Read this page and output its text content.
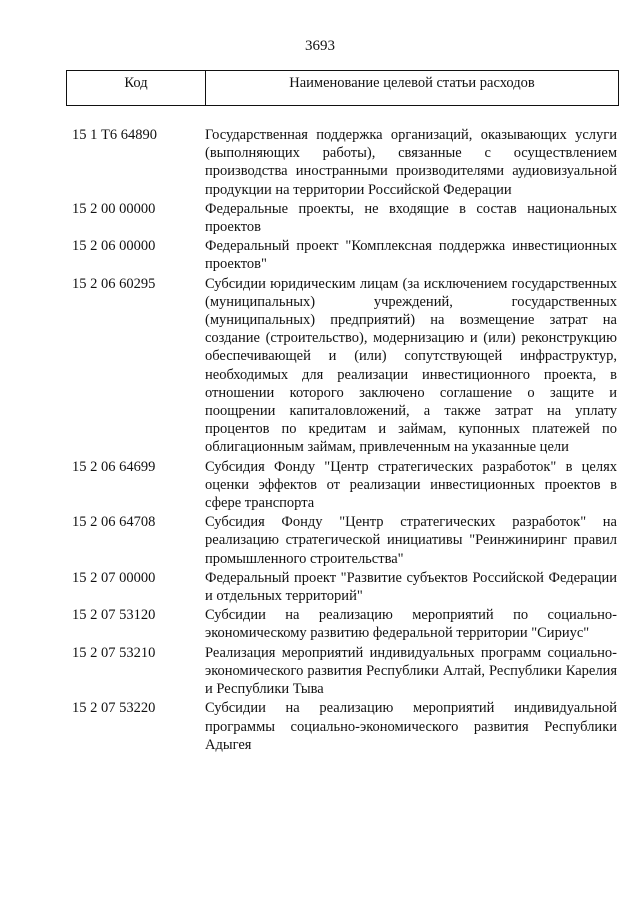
3693
Код	Наименование целевой статьи расходов
15 1 Т6 64890	Государственная поддержка организаций, оказывающих услуги (выполняющих работы), связанные с осуществлением производства иностранными производителями аудиовизуальной продукции на территории Российской Федерации
15 2 00 00000	Федеральные проекты, не входящие в состав национальных проектов
15 2 06 00000	Федеральный проект "Комплексная поддержка инвестиционных проектов"
15 2 06 60295	Субсидии юридическим лицам (за исключением государственных (муниципальных) учреждений, государственных (муниципальных) предприятий) на возмещение затрат на создание (строительство), модернизацию и (или) реконструкцию обеспечивающей и (или) сопутствующей инфраструктур, необходимых для реализации инвестиционного проекта, в отношении которого заключено соглашение о защите и поощрении капиталовложений, а также затрат на уплату процентов по кредитам и займам, купонных платежей по облигационным займам, привлеченным на указанные цели
15 2 06 64699	Субсидия Фонду "Центр стратегических разработок" в целях оценки эффектов от реализации инвестиционных проектов в сфере транспорта
15 2 06 64708	Субсидия Фонду "Центр стратегических разработок" на реализацию стратегической инициативы "Реинжиниринг правил промышленного строительства"
15 2 07 00000	Федеральный проект "Развитие субъектов Российской Федерации и отдельных территорий"
15 2 07 53120	Субсидии на реализацию мероприятий по социально-экономическому развитию федеральной территории "Сириус"
15 2 07 53210	Реализация мероприятий индивидуальных программ социально-экономического развития Республики Алтай, Республики Карелия и Республики Тыва
15 2 07 53220	Субсидии на реализацию мероприятий индивидуальной программы социально-экономического развития Республики Адыгея
